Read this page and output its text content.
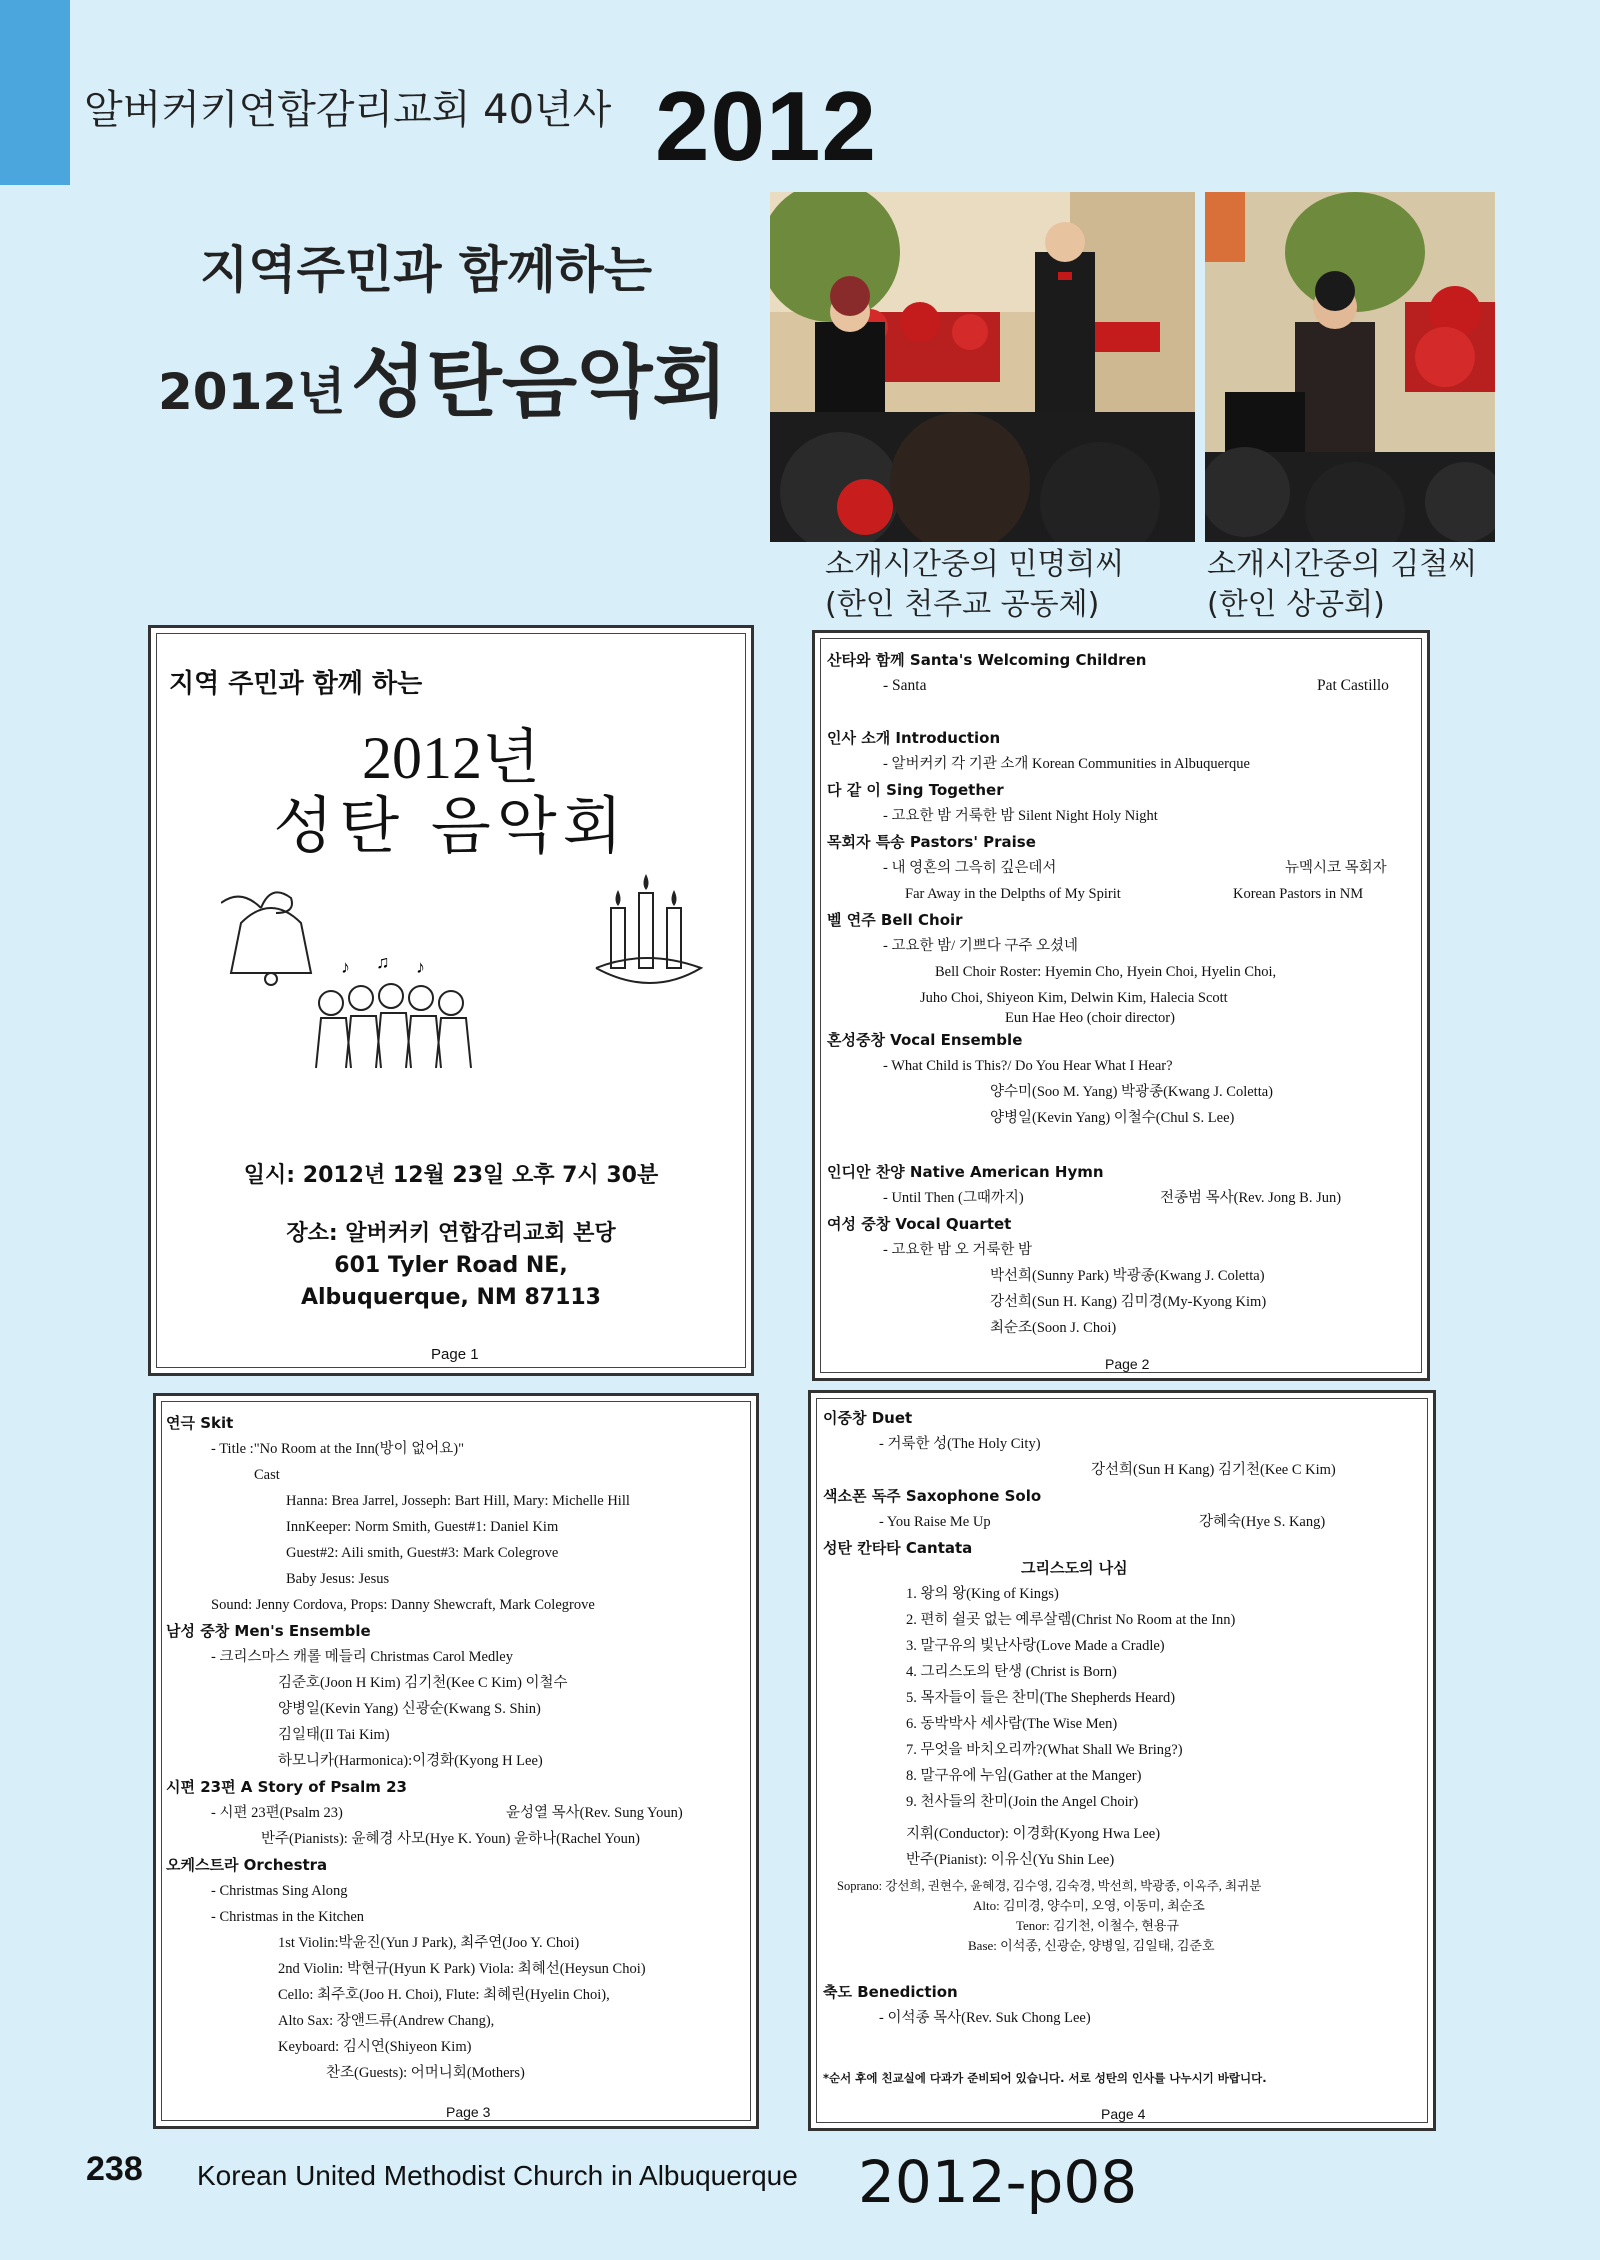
알버커키연합감리교회 40년사 2012
지역주민과 함께하는
2012년 성탄음악회
소개시간중의 민명희씨
(한인 천주교 공동체)
소개시간중의 김철씨
(한인 상공회)
지역 주민과 함께 하는
2012년
성탄 음악회
♪ ♫ ♪
일시: 2012년 12월 23일 오후 7시 30분
장소: 알버커키 연합감리교회 본당
601 Tyler Road NE,
Albuquerque, NM 87113
Page 1
산타와 함께 Santa's Welcoming Children
- Santa	Pat Castillo
인사 소개 Introduction
- 알버커키 각 기관 소개 Korean Communities in Albuquerque
다 같 이 Sing Together
- 고요한 밤 거룩한 밤 Silent Night Holy Night
목회자 특송 Pastors' Praise
- 내 영혼의 그윽히 깊은데서	뉴멕시코 목회자
Far Away in the Delpths of My Spirit	Korean Pastors in NM
벨 연주 Bell Choir
- 고요한 밤/ 기쁘다 구주 오셨네
Bell Choir Roster: Hyemin Cho, Hyein Choi, Hyelin Choi,
Juho Choi, Shiyeon Kim, Delwin Kim, Halecia Scott
Eun Hae Heo (choir director)
혼성중창 Vocal Ensemble
- What Child is This?/ Do You Hear What I Hear?
양수미(Soo M. Yang) 박광종(Kwang J. Coletta)
양병일(Kevin Yang) 이철수(Chul S. Lee)
인디안 찬양 Native American Hymn
- Until Then (그때까지)	전종범 목사(Rev. Jong B. Jun)
여성 중창 Vocal Quartet
- 고요한 밤 오 거룩한 밤
박선희(Sunny Park) 박광종(Kwang J. Coletta)
강선희(Sun H. Kang) 김미경(My-Kyong Kim)
최순조(Soon J. Choi)
Page 2
연극 Skit
- Title :"No Room at the Inn(방이 없어요)"
Cast
Hanna: Brea Jarrel, Josseph: Bart Hill, Mary: Michelle Hill
InnKeeper: Norm Smith, Guest#1: Daniel Kim
Guest#2: Aili smith, Guest#3: Mark Colegrove
Baby Jesus: Jesus
Sound: Jenny Cordova, Props: Danny Shewcraft, Mark Colegrove
남성 중창 Men's Ensemble
- 크리스마스 캐롤 메들리 Christmas Carol Medley
김준호(Joon H Kim) 김기천(Kee C Kim) 이철수
양병일(Kevin Yang) 신광순(Kwang S. Shin)
김일태(Il Tai Kim)
하모니카(Harmonica):이경화(Kyong H Lee)
시편 23편 A Story of Psalm 23
- 시편 23편(Psalm 23)	윤성열 목사(Rev. Sung Youn)
반주(Pianists): 윤혜경 사모(Hye K. Youn) 윤하나(Rachel Youn)
오케스트라 Orchestra
- Christmas Sing Along
- Christmas in the Kitchen
1st Violin:박윤진(Yun J Park), 최주연(Joo Y. Choi)
2nd Violin: 박현규(Hyun K Park) Viola: 최혜선(Heysun Choi)
Cello: 최주호(Joo H. Choi), Flute: 최혜린(Hyelin Choi),
Alto Sax: 장앤드류(Andrew Chang),
Keyboard: 김시연(Shiyeon Kim)
찬조(Guests): 어머니회(Mothers)
Page 3
이중창 Duet
- 거룩한 성(The Holy City)
강선희(Sun H Kang) 김기천(Kee C Kim)
색소폰 독주 Saxophone Solo
- You Raise Me Up	강혜숙(Hye S. Kang)
성탄 칸타타 Cantata
그리스도의 나심
1. 왕의 왕(King of Kings)
2. 편히 쉴곳 없는 예루살렘(Christ No Room at the Inn)
3. 말구유의 빛난사랑(Love Made a Cradle)
4. 그리스도의 탄생 (Christ is Born)
5. 목자들이 들은 찬미(The Shepherds Heard)
6. 동박박사 세사람(The Wise Men)
7. 무엇을 바치오리까?(What Shall We Bring?)
8. 말구유에 누임(Gather at the Manger)
9. 천사들의 찬미(Join the Angel Choir)
지휘(Conductor): 이경화(Kyong Hwa Lee)
반주(Pianist): 이유신(Yu Shin Lee)
Soprano: 강선희, 권현수, 윤혜경, 김수영, 김숙경, 박선희, 박광종, 이옥주, 최귀분
Alto: 김미경, 양수미, 오영, 이동미, 최순조
Tenor: 김기천, 이철수, 현용규
Base: 이석종, 신광순, 양병일, 김일태, 김준호
축도 Benediction
- 이석종 목사(Rev. Suk Chong Lee)
*순서 후에 친교실에 다과가 준비되어 있습니다. 서로 성탄의 인사를 나누시기 바랍니다.
Page 4
238 Korean United Methodist Church in Albuquerque 2012-p08
